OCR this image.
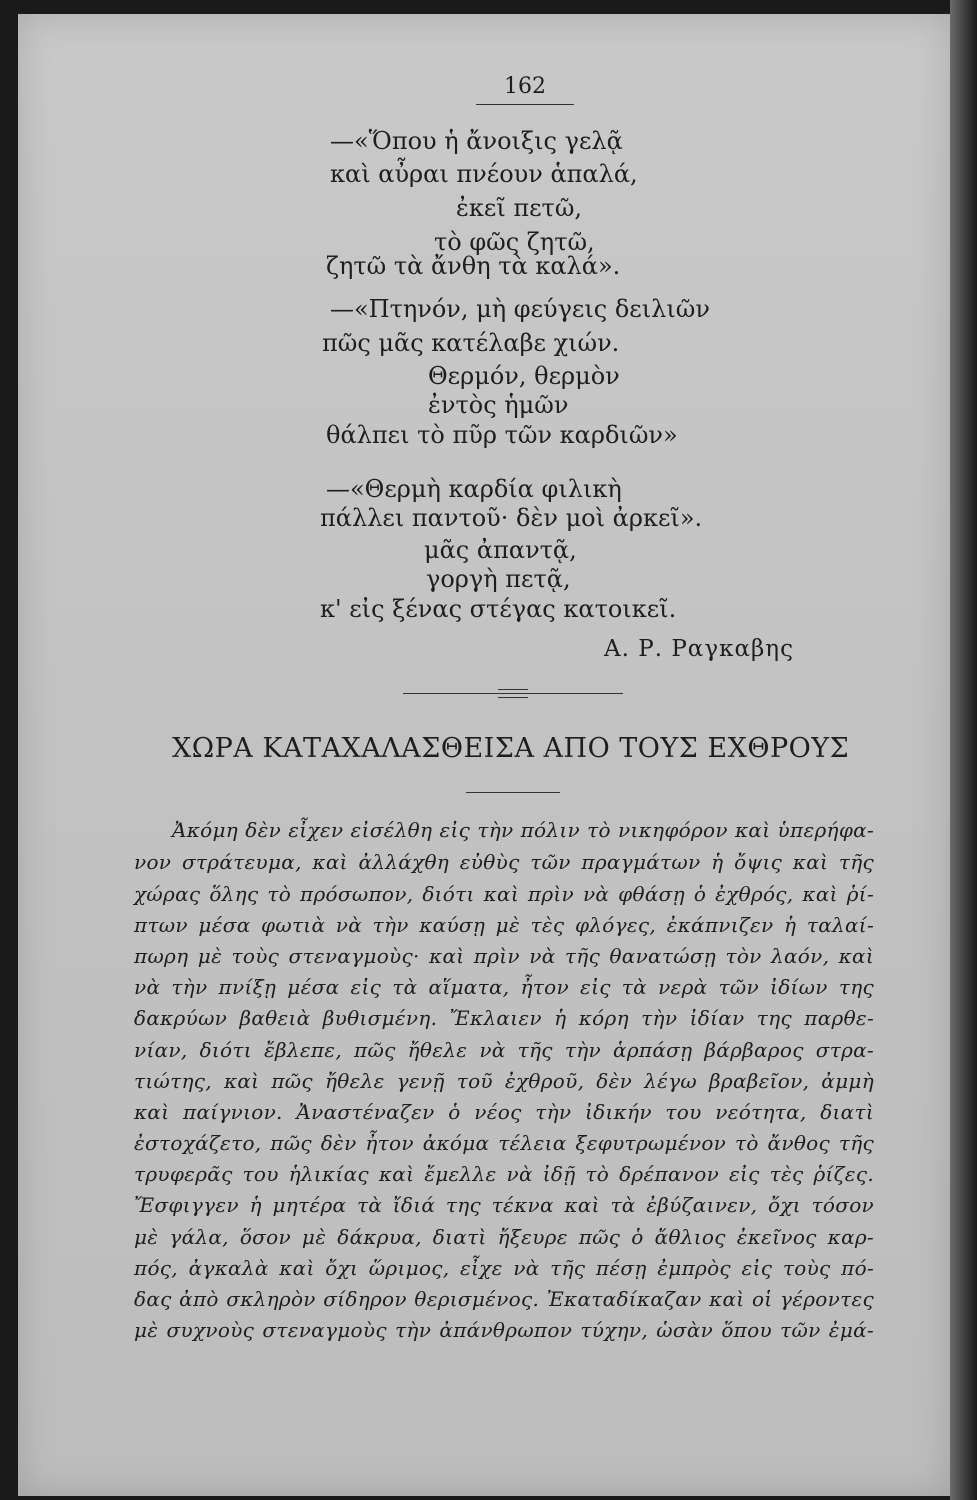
162
—«Ὅπου ἡ ἄνοιξις γελᾷ
καὶ αὖραι πνέουν ἁπαλά,
ἐκεῖ πετῶ,
τὸ φῶς ζητῶ,
ζητῶ τὰ ἄνθη τὰ καλά».
—«Πτηνόν, μὴ φεύγεις δειλιῶν
πῶς μᾶς κατέλαβε χιών.
Θερμόν, θερμὸν
ἐντὸς ἡμῶν
θάλπει τὸ πῦρ τῶν καρδιῶν»
—«Θερμὴ καρδία φιλικὴ
πάλλει παντοῦ· δὲν μοὶ ἀρκεῖ».
μᾶς ἀπαντᾷ,
γοργὴ πετᾷ,
κ' εἰς ξένας στέγας κατοικεῖ.
Α. Ρ. Ραγκαβης
ΧΩΡΑ ΚΑΤΑΧΑΛΑΣΘΕΙΣΑ ΑΠΟ ΤΟΥΣ ΕΧΘΡΟΥΣ
Ἀκόμη δὲν εἶχεν εἰσέλθη εἰς τὴν πόλιν τὸ νικηφόρον καὶ ὑπερήφα-
νον στράτευμα, καὶ ἀλλάχθη εὐθὺς τῶν πραγμάτων ἡ ὄψις καὶ τῆς
χώρας ὅλης τὸ πρόσωπον, διότι καὶ πρὶν νὰ φθάσῃ ὁ ἐχθρός, καὶ ῥί-
πτων μέσα φωτιὰ νὰ τὴν καύσῃ μὲ τὲς φλόγες, ἐκάπνιζεν ἡ ταλαί-
πωρη μὲ τοὺς στεναγμοὺς· καὶ πρὶν νὰ τῆς θανατώσῃ τὸν λαόν, καὶ
νὰ τὴν πνίξῃ μέσα εἰς τὰ αἵματα, ἦτον εἰς τὰ νερὰ τῶν ἰδίων της
δακρύων βαθειὰ βυθισμένη. Ἔκλαιεν ἡ κόρη τὴν ἰδίαν της παρθε-
νίαν, διότι ἔβλεπε, πῶς ἤθελε νὰ τῆς τὴν ἁρπάσῃ βάρβαρος στρα-
τιώτης, καὶ πῶς ἤθελε γενῇ τοῦ ἐχθροῦ, δὲν λέγω βραβεῖον, ἀμμὴ
καὶ παίγνιον. Ἀναστέναζεν ὁ νέος τὴν ἰδικήν του νεότητα, διατὶ
ἐστοχάζετο, πῶς δὲν ἦτον ἀκόμα τέλεια ξεφυτρωμένον τὸ ἄνθος τῆς
τρυφερᾶς του ἡλικίας καὶ ἔμελλε νὰ ἰδῇ τὸ δρέπανον εἰς τὲς ῥίζες.
Ἔσφιγγεν ἡ μητέρα τὰ ἴδιά της τέκνα καὶ τὰ ἐβύζαινεν, ὄχι τόσον
μὲ γάλα, ὅσον μὲ δάκρυα, διατὶ ἤξευρε πῶς ὁ ἄθλιος ἐκεῖνος καρ-
πός, ἀγκαλὰ καὶ ὄχι ὥριμος, εἶχε νὰ τῆς πέσῃ ἐμπρὸς εἰς τοὺς πό-
δας ἀπὸ σκληρὸν σίδηρον θερισμένος. Ἐκαταδίκαζαν καὶ οἱ γέροντες
μὲ συχνοὺς στεναγμοὺς τὴν ἀπάνθρωπον τύχην, ὡσὰν ὅπου τῶν ἐμά-
